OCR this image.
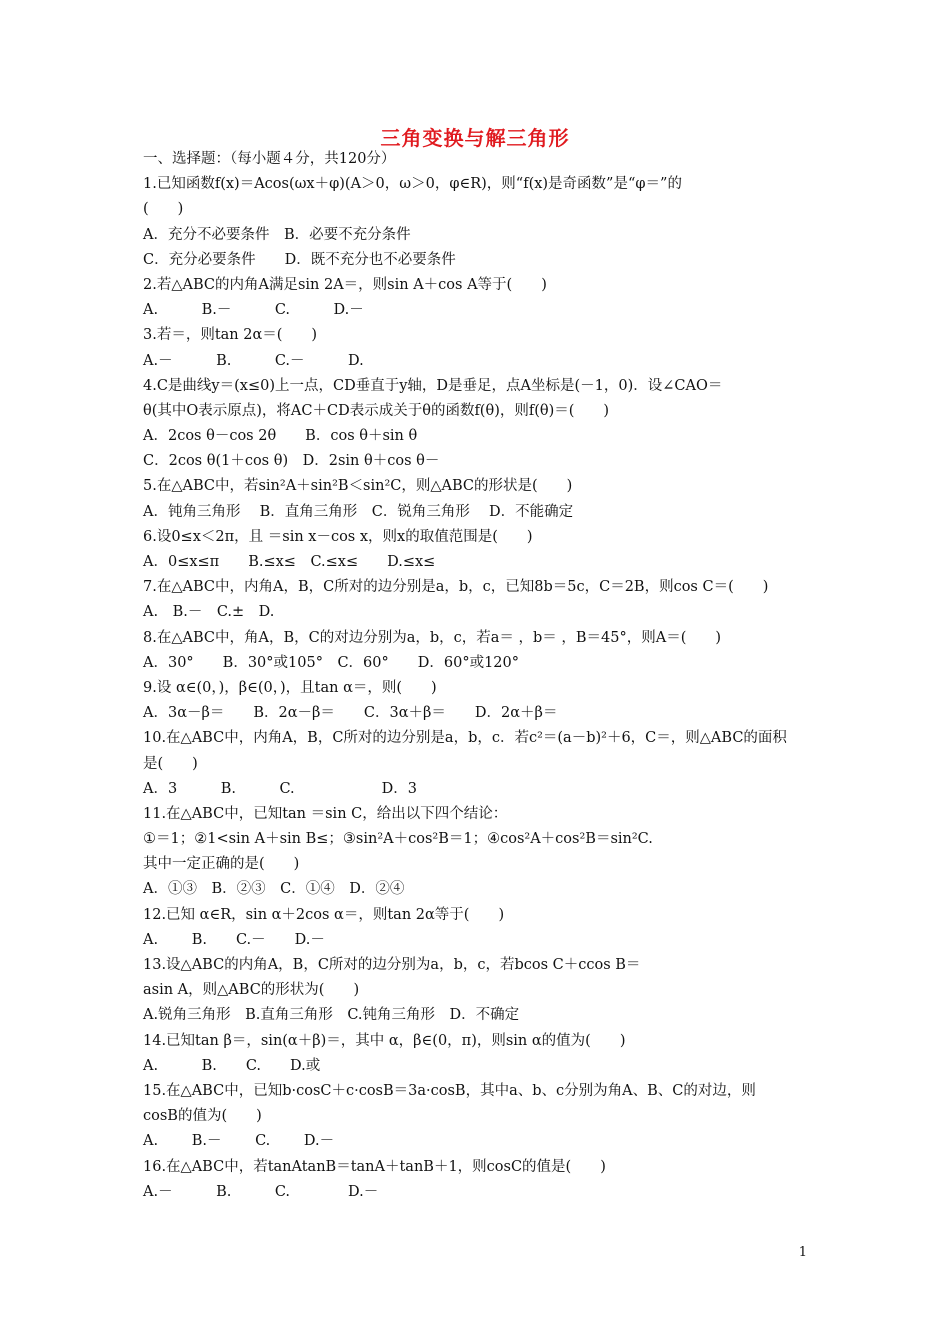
三角变换与解三角形
一、选择题：（每小题４分，共120分）
1.已知函数f(x)＝Acos(ωx＋φ)(A＞0，ω＞0，φ∈R)，则“f(x)是奇函数”是“φ＝”的
(　　)
A．充分不必要条件　B．必要不充分条件
C．充分必要条件　　D．既不充分也不必要条件
2.若△ABC的内角A满足sin 2A＝，则sin A＋cos A等于(　　)
A.　　　B.－　　　C.　　　D.－
3.若＝，则tan 2α＝(　　)
A.－　　　B.　　　C.－　　　D.
4.C是曲线y＝(x≤0)上一点，CD垂直于y轴，D是垂足，点A坐标是(－1，0)．设∠CAO＝
θ(其中O表示原点)，将AC＋CD表示成关于θ的函数f(θ)，则f(θ)＝(　　)
A．2cos θ－cos 2θ　　B．cos θ＋sin θ
C．2cos θ(1＋cos θ)　D．2sin θ＋cos θ－
5.在△ABC中，若sin²A＋sin²B＜sin²C，则△ABC的形状是(　　)
A．钝角三角形　 B．直角三角形　C．锐角三角形　 D．不能确定
6.设0≤x＜2π，且 ＝sin x－cos x，则x的取值范围是(　　)
A．0≤x≤π　　B.≤x≤　C.≤x≤　　D.≤x≤
7.在△ABC中，内角A，B，C所对的边分别是a，b，c，已知8b＝5c，C＝2B，则cos C＝(　　)
A.　B.－　C.±　D.
8.在△ABC中，角A，B，C的对边分别为a，b，c，若a＝ ，b＝ ，B＝45°，则A＝(　　)
A．30°　　B．30°或105°　C．60°　　D．60°或120°
9.设 α∈(0，)，β∈(0，)，且tan α＝，则(　　)
A．3α－β＝　　B．2α－β＝　　C．3α＋β＝　　D．2α＋β＝
10.在△ABC中，内角A，B，C所对的边分别是a，b，c．若c²＝(a－b)²＋6，C＝，则△ABC的面积
是(　　)
A．3　　　B.　　　C.　　　　　　D．3
11.在△ABC中，已知tan ＝sin C，给出以下四个结论：
①＝1；②1<sin A＋sin B≤；③sin²A＋cos²B＝1；④cos²A＋cos²B＝sin²C.
其中一定正确的是(　　)
A．①③　B．②③　C．①④　D．②④
12.已知 α∈R，sin α＋2cos α＝，则tan 2α等于(　　)
A.　　 B.　　C.－　　D.－
13.设△ABC的内角A，B，C所对的边分别为a，b，c，若bcos C＋ccos B＝
asin A，则△ABC的形状为(　　)
A.锐角三角形　B.直角三角形　C.钝角三角形　D．不确定
14.已知tan β＝，sin(α＋β)＝，其中 α，β∈(0，π)，则sin α的值为(　　)
A.　　　B.　　C.　　D.或
15.在△ABC中，已知b·cosC＋c·cosB＝3a·cosB，其中a、b、c分别为角A、B、C的对边，则
cosB的值为(　　)
A.　　 B.－　　 C.　　 D.－
16.在△ABC中，若tanAtanB＝tanA＋tanB＋1，则cosC的值是(　　)
A.－　　　B.　　　C.　　　　D.－
1
